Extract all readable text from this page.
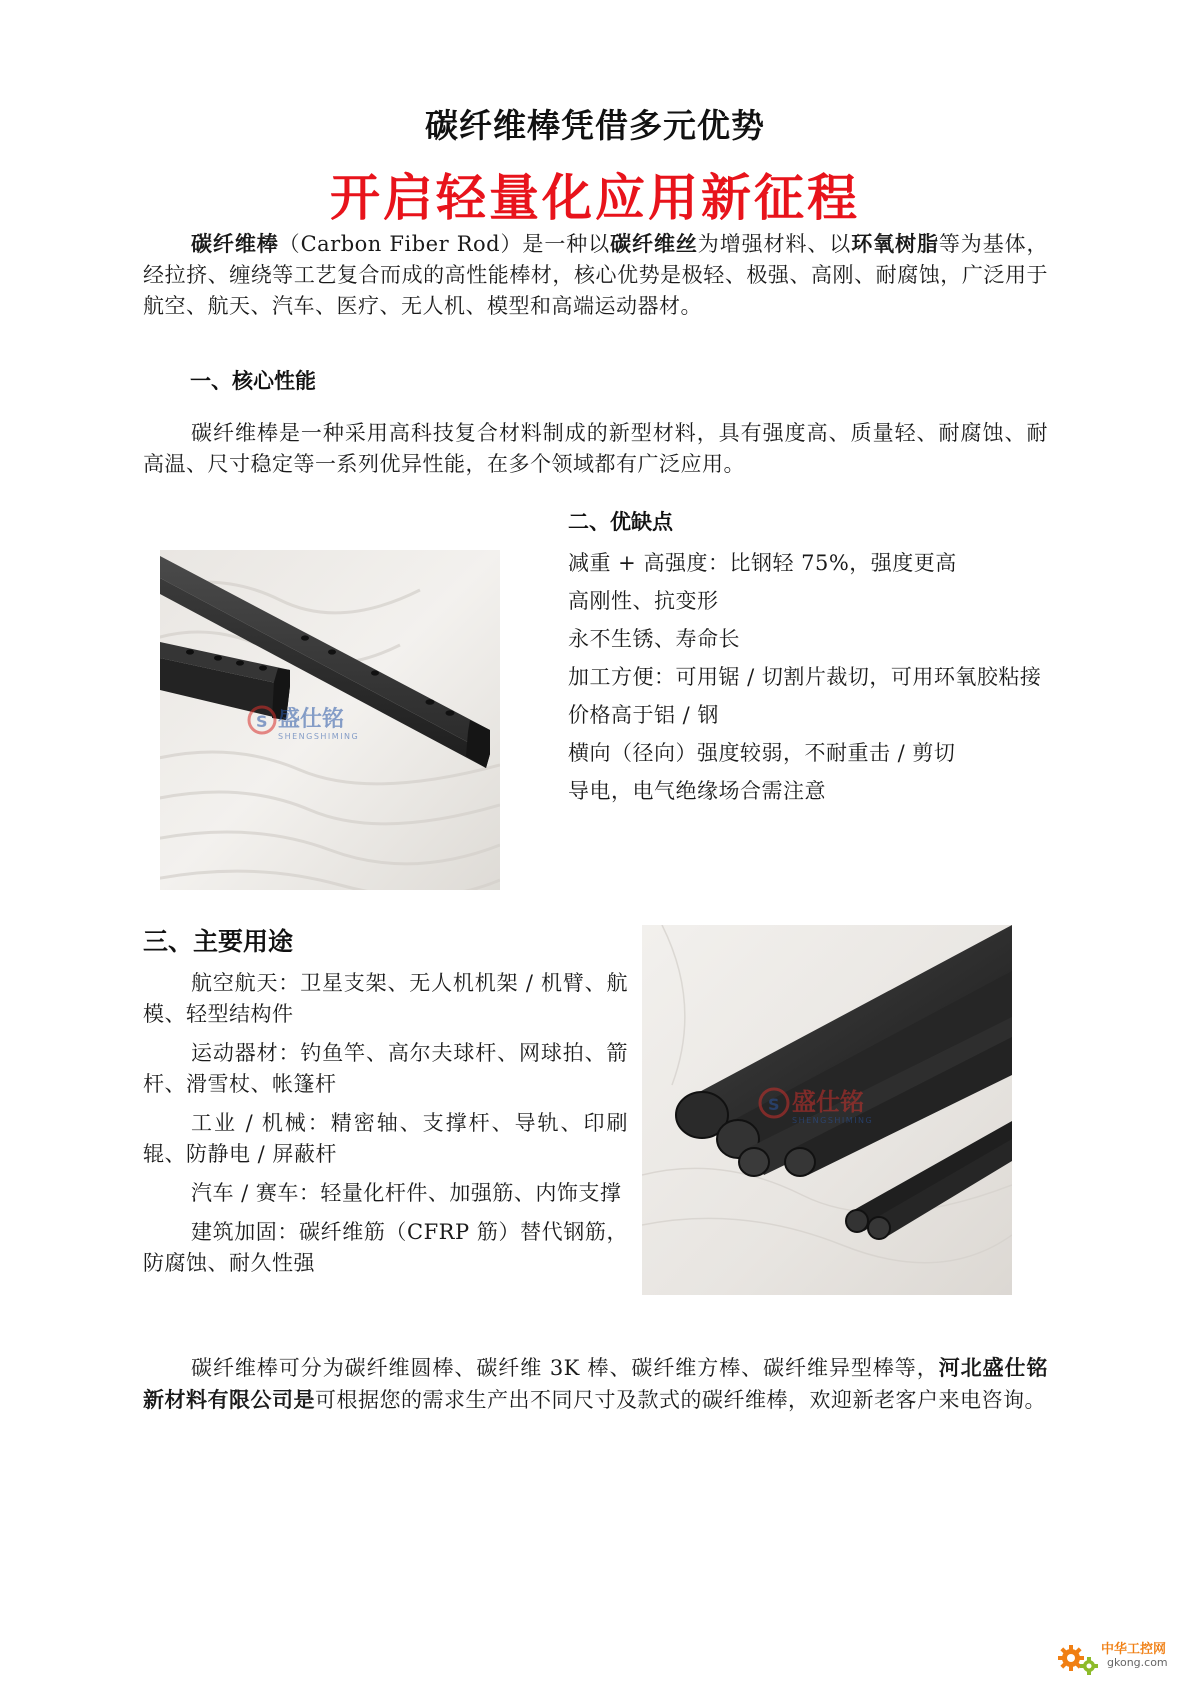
碳纤维棒凭借多元优势
开启轻量化应用新征程

碳纤维棒（Carbon Fiber Rod）是一种以碳纤维丝为增强材料、以环氧树脂等为基体，经拉挤、缠绕等工艺复合而成的高性能棒材，核心优势是极轻、极强、高刚、耐腐蚀，广泛用于航空、航天、汽车、医疗、无人机、模型和高端运动器材。

一、核心性能

碳纤维棒是一种采用高科技复合材料制成的新型材料，具有强度高、质量轻、耐腐蚀、耐高温、尺寸稳定等一系列优异性能，在多个领域都有广泛应用。

二、优缺点
S 盛仕铭
SHENGSHIMING
减重 + 高强度：比钢轻 75%，强度更高
高刚性、抗变形
永不生锈、寿命长
加工方便：可用锯 / 切割片裁切，可用环氧胶粘接
价格高于铝 / 钢
横向（径向）强度较弱，不耐重击 / 剪切
导电，电气绝缘场合需注意
三、主要用途
航空航天：卫星支架、无人机机架 / 机臂、航模、轻型结构件
运动器材：钓鱼竿、高尔夫球杆、网球拍、箭杆、滑雪杖、帐篷杆
工业 / 机械：精密轴、支撑杆、导轨、印刷辊、防静电 / 屏蔽杆
汽车 / 赛车：轻量化杆件、加强筋、内饰支撑
建筑加固：碳纤维筋（CFRP 筋）替代钢筋，防腐蚀、耐久性强
S 盛仕铭
SHENGSHIMING

碳纤维棒可分为碳纤维圆棒、碳纤维 3K 棒、碳纤维方棒、碳纤维异型棒等，河北盛仕铭新材料有限公司是可根据您的需求生产出不同尺寸及款式的碳纤维棒，欢迎新老客户来电咨询。

中华工控网
gkong.com
